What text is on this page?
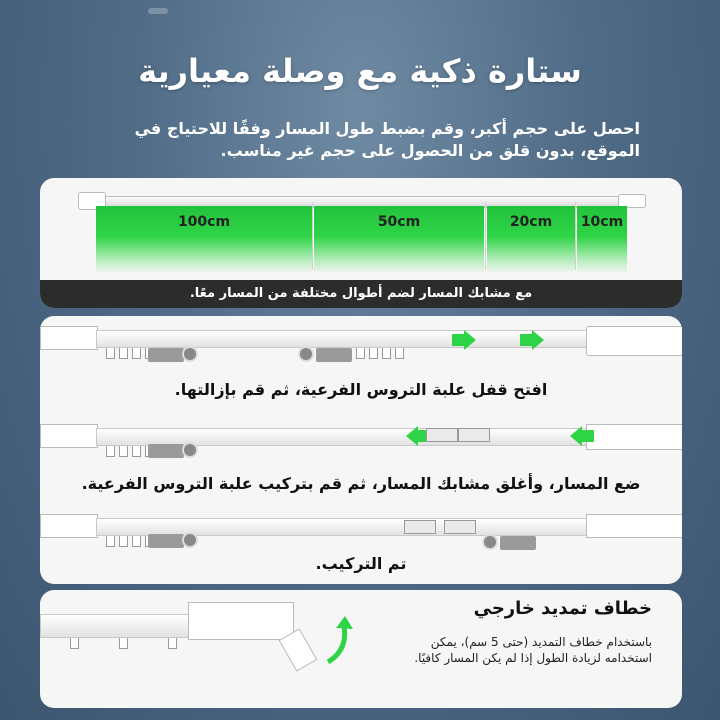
ستارة ذكية مع وصلة معيارية
احصل على حجم أكبر، وقم بضبط طول المسار وفقًا للاحتياج في الموقع، بدون قلق من الحصول على حجم غير مناسب.
100cm	50cm	20cm	10cm
مع مشابك المسار لضم أطوال مختلفة من المسار معًا.
افتح قفل علبة التروس الفرعية، ثم قم بإزالتها.
ضع المسار، وأغلق مشابك المسار، ثم قم بتركيب علبة التروس الفرعية.
تم التركيب.
خطاف تمديد خارجي
باستخدام خطاف التمديد (حتى 5 سم)، يمكن استخدامه لزيادة الطول إذا لم يكن المسار كافيًا.
